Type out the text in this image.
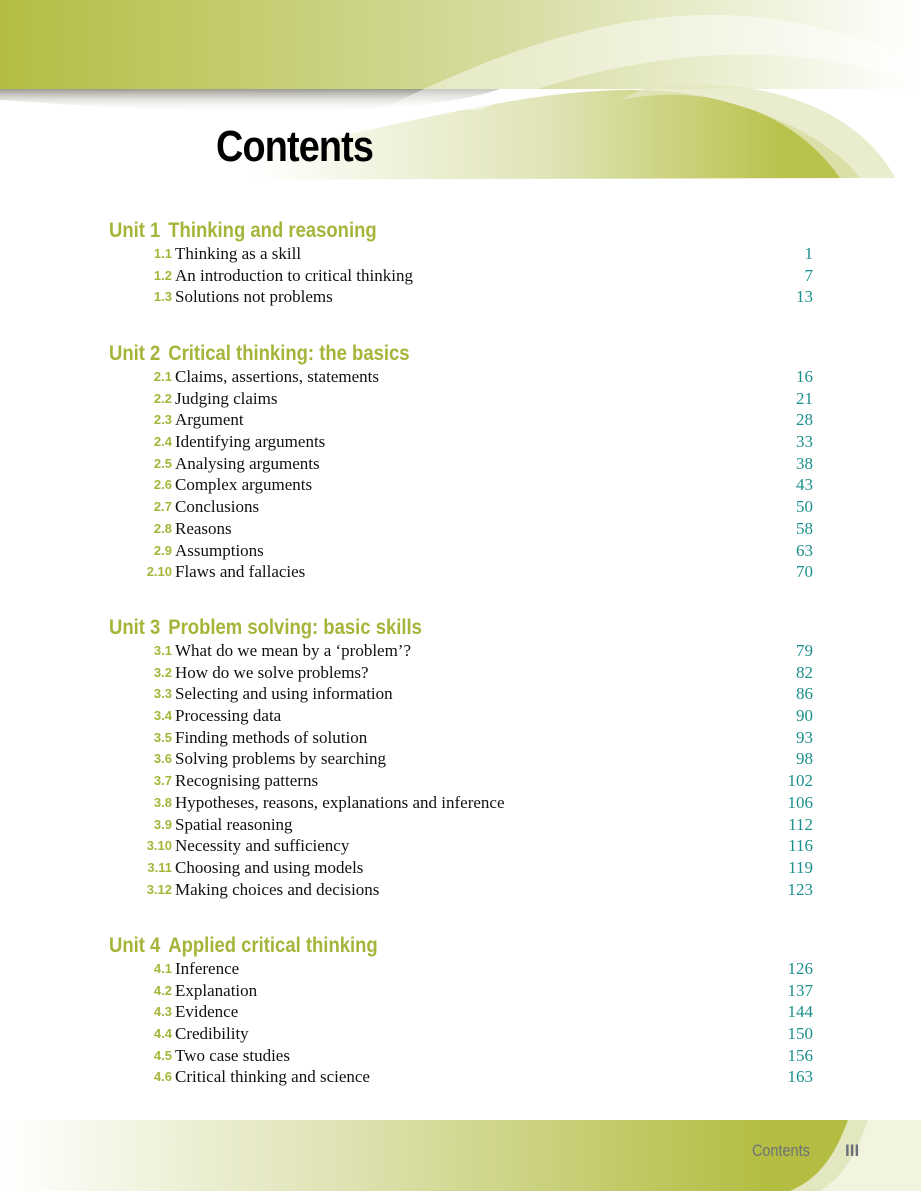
Contents
Unit 1 Thinking and reasoning
1.1 Thinking as a skill	1
1.2 An introduction to critical thinking	7
1.3 Solutions not problems	13
Unit 2 Critical thinking: the basics
2.1 Claims, assertions, statements	16
2.2 Judging claims	21
2.3 Argument	28
2.4 Identifying arguments	33
2.5 Analysing arguments	38
2.6 Complex arguments	43
2.7 Conclusions	50
2.8 Reasons	58
2.9 Assumptions	63
2.10 Flaws and fallacies	70
Unit 3 Problem solving: basic skills
3.1 What do we mean by a ‘problem’?	79
3.2 How do we solve problems?	82
3.3 Selecting and using information	86
3.4 Processing data	90
3.5 Finding methods of solution	93
3.6 Solving problems by searching	98
3.7 Recognising patterns	102
3.8 Hypotheses, reasons, explanations and inference	106
3.9 Spatial reasoning	112
3.10 Necessity and sufficiency	116
3.11 Choosing and using models	119
3.12 Making choices and decisions	123
Unit 4 Applied critical thinking
4.1 Inference	126
4.2 Explanation	137
4.3 Evidence	144
4.4 Credibility	150
4.5 Two case studies	156
4.6 Critical thinking and science	163
Contents III
